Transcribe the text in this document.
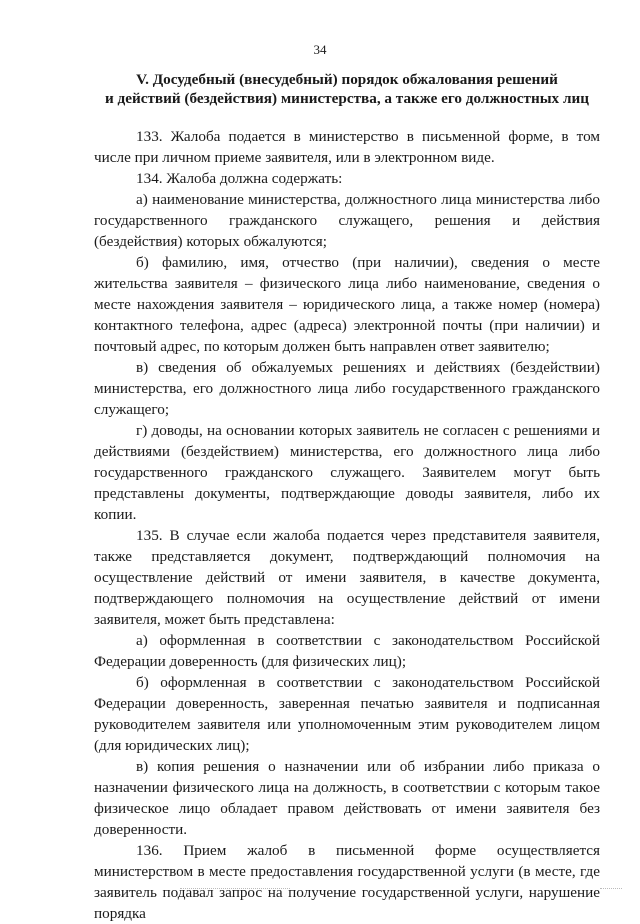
34
V. Досудебный (внесудебный) порядок обжалования решений
и действий (бездействия) министерства, а также его должностных лиц

133. Жалоба подается в министерство в письменной форме, в том числе при личном приеме заявителя, или в электронном виде.

134. Жалоба должна содержать:

а) наименование министерства, должностного лица министерства либо государственного гражданского служащего, решения и действия (бездействия) которых обжалуются;

б) фамилию, имя, отчество (при наличии), сведения о месте жительства заявителя – физического лица либо наименование, сведения о месте нахождения заявителя – юридического лица, а также номер (номера) контактного телефона, адрес (адреса) электронной почты (при наличии) и почтовый адрес, по которым должен быть направлен ответ заявителю;

в) сведения об обжалуемых решениях и действиях (бездействии) министерства, его должностного лица либо государственного гражданского служащего;

г) доводы, на основании которых заявитель не согласен с решениями и действиями (бездействием) министерства, его должностного лица либо государственного гражданского служащего. Заявителем могут быть представлены документы, подтверждающие доводы заявителя, либо их копии.

135. В случае если жалоба подается через представителя заявителя, также представляется документ, подтверждающий полномочия на осуществление действий от имени заявителя, в качестве документа, подтверждающего полномочия на осуществление действий от имени заявителя, может быть представлена:

а) оформленная в соответствии с законодательством Российской Федерации доверенность (для физических лиц);

б) оформленная в соответствии с законодательством Российской Федерации доверенность, заверенная печатью заявителя и подписанная руководителем заявителя или уполномоченным этим руководителем лицом (для юридических лиц);

в) копия решения о назначении или об избрании либо приказа о назначении физического лица на должность, в соответствии с которым такое физическое лицо обладает правом действовать от имени заявителя без доверенности.

136. Прием жалоб в письменной форме осуществляется министерством в месте предоставления государственной услуги (в месте, где заявитель подавал запрос на получение государственной услуги, нарушение порядка
